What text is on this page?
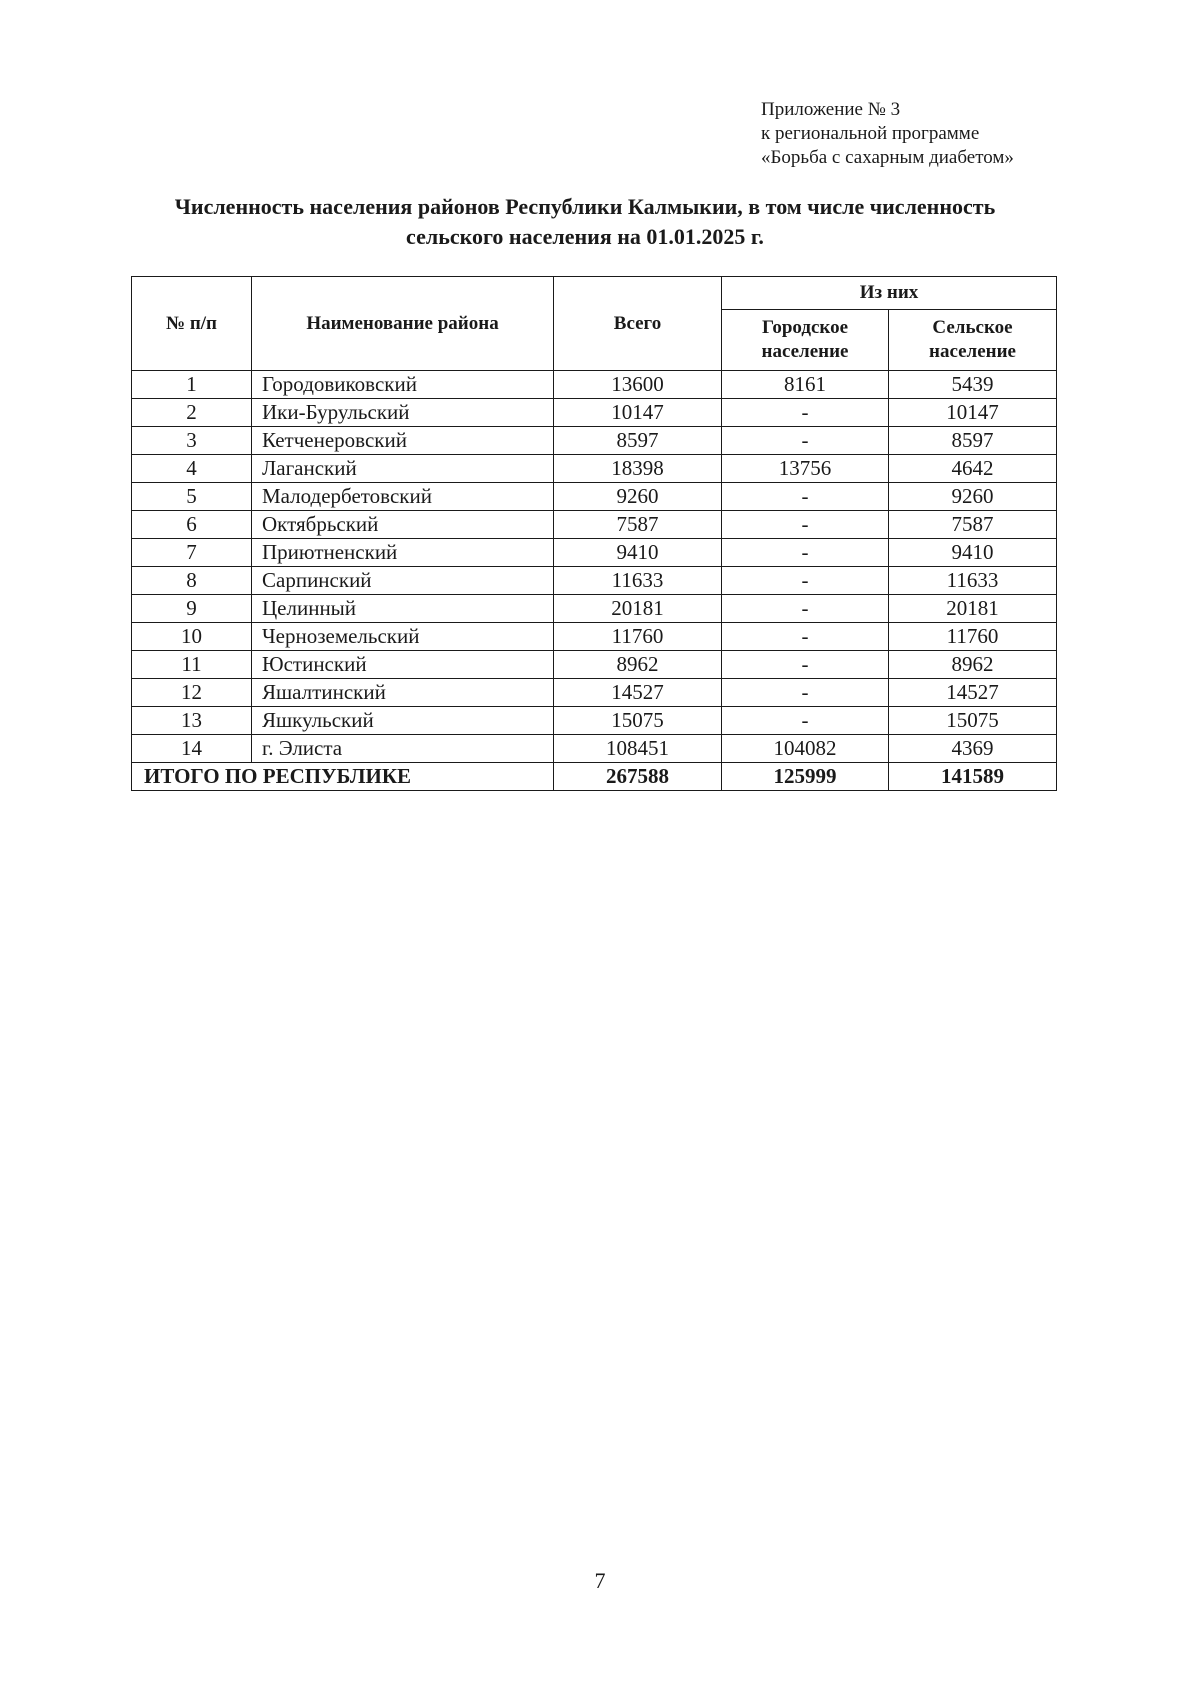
Приложение № 3
к региональной программе
«Борьба с сахарным диабетом»
Численность населения районов Республики Калмыкии, в том числе численность
сельского населения на 01.01.2025 г.
№ п/п	Наименование района	Всего	Из них	
			Городское население	Сельское население
1	Городовиковский	13600	8161	5439
2	Ики-Бурульский	10147	-	10147
3	Кетченеровский	8597	-	8597
4	Лаганский	18398	13756	4642
5	Малодербетовский	9260	-	9260
6	Октябрьский	7587	-	7587
7	Приютненский	9410	-	9410
8	Сарпинский	11633	-	11633
9	Целинный	20181	-	20181
10	Черноземельский	11760	-	11760
11	Юстинский	8962	-	8962
12	Яшалтинский	14527	-	14527
13	Яшкульский	15075	-	15075
14	г. Элиста	108451	104082	4369
ИТОГО ПО РЕСПУБЛИКЕ		267588	125999	141589
7
